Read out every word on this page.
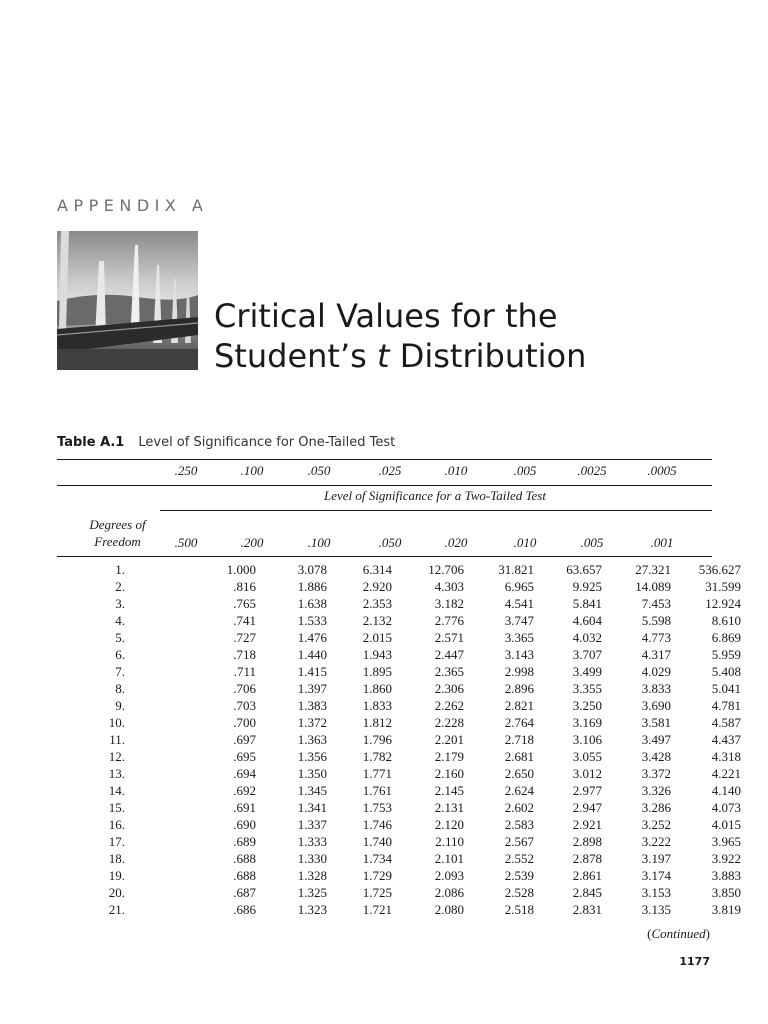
APPENDIX A
Critical Values for the
Student’s t Distribution
Table A.1 Level of Significance for One-Tailed Test
.250	.100	.050	.025	.010	.005	.0025	.0005
Level of Significance for a Two-Tailed Test
Degrees of
Freedom	.500	.200	.100	.050	.020	.010	.005	.001
1.	1.000	3.078	6.314	12.706	31.821	63.657	27.321	536.627
2.	.816	1.886	2.920	4.303	6.965	9.925	14.089	31.599
3.	.765	1.638	2.353	3.182	4.541	5.841	7.453	12.924
4.	.741	1.533	2.132	2.776	3.747	4.604	5.598	8.610
5.	.727	1.476	2.015	2.571	3.365	4.032	4.773	6.869
6.	.718	1.440	1.943	2.447	3.143	3.707	4.317	5.959
7.	.711	1.415	1.895	2.365	2.998	3.499	4.029	5.408
8.	.706	1.397	1.860	2.306	2.896	3.355	3.833	5.041
9.	.703	1.383	1.833	2.262	2.821	3.250	3.690	4.781
10.	.700	1.372	1.812	2.228	2.764	3.169	3.581	4.587
11.	.697	1.363	1.796	2.201	2.718	3.106	3.497	4.437
12.	.695	1.356	1.782	2.179	2.681	3.055	3.428	4.318
13.	.694	1.350	1.771	2.160	2.650	3.012	3.372	4.221
14.	.692	1.345	1.761	2.145	2.624	2.977	3.326	4.140
15.	.691	1.341	1.753	2.131	2.602	2.947	3.286	4.073
16.	.690	1.337	1.746	2.120	2.583	2.921	3.252	4.015
17.	.689	1.333	1.740	2.110	2.567	2.898	3.222	3.965
18.	.688	1.330	1.734	2.101	2.552	2.878	3.197	3.922
19.	.688	1.328	1.729	2.093	2.539	2.861	3.174	3.883
20.	.687	1.325	1.725	2.086	2.528	2.845	3.153	3.850
21.	.686	1.323	1.721	2.080	2.518	2.831	3.135	3.819
(Continued)
1177
